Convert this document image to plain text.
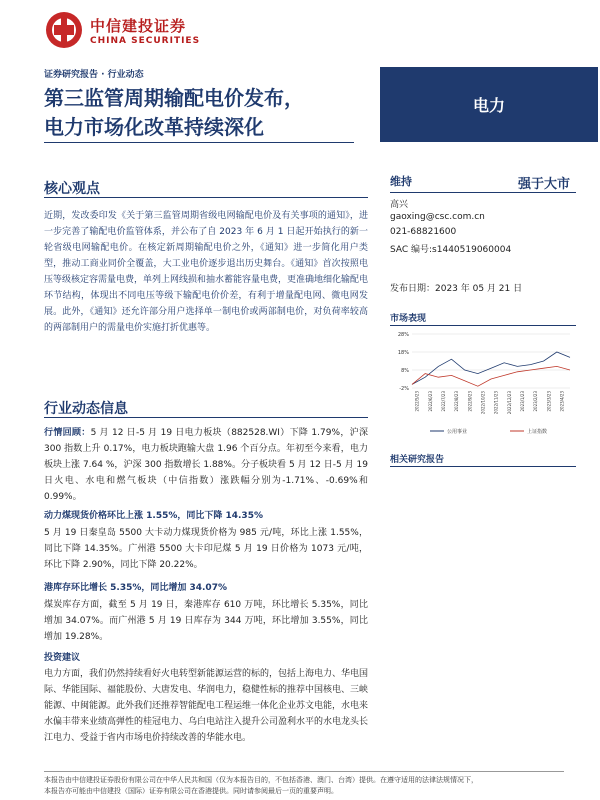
中信建投证券
CHINA SECURITIES
证券研究报告 · 行业动态
第三监管周期输配电价发布，
电力市场化改革持续深化
电力
核心观点
近期，发改委印发《关于第三监管周期省级电网输配电价及有关事项的通知》，进一步完善了输配电价监管体系，并公布了自 2023 年 6 月 1 日起开始执行的新一轮省级电网输配电价。在核定新周期输配电价之外，《通知》进一步简化用户类型，推动工商业同价全覆盖，大工业电价逐步退出历史舞台。《通知》首次按照电压等级核定容需量电费，单列上网线损和抽水蓄能容量电费，更准确地细化输配电环节结构，体现出不同电压等级下输配电价价差，有利于增量配电网、微电网发展。此外，《通知》还允许部分用户选择单一制电价或两部制电价，对负荷率较高的两部制用户的需量电价实施打折优惠等。
行业动态信息
行情回顾：5 月 12 日-5 月 19 日电力板块（882528.WI）下降 1.79%，沪深 300 指数上升 0.17%，电力板块跑输大盘 1.96 个百分点。年初至今来看，电力板块上涨 7.64 %，沪深 300 指数增长 1.88%。分子板块看 5 月 12 日-5 月 19 日火电、水电和燃气板块（中信指数）涨跌幅分别为-1.71%、-0.69%和 0.99%。
动力煤现货价格环比上涨 1.55%，同比下降 14.35%
5 月 19 日秦皇岛 5500 大卡动力煤现货价格为 985 元/吨，环比上涨 1.55%，同比下降 14.35%。广州港 5500 大卡印尼煤 5 月 19 日价格为 1073 元/吨，环比下降 2.90%，同比下降 20.22%。
港库存环比增长 5.35%，同比增加 34.07%
煤炭库存方面，截至 5 月 19 日，秦港库存 610 万吨，环比增长 5.35%，同比增加 34.07%。而广州港 5 月 19 日库存为 344 万吨，环比增加 3.55%，同比增加 19.28%。
投资建议
电力方面，我们仍然持续看好火电转型新能源运营的标的，包括上海电力、华电国际、华能国际、福能股份、大唐发电、华润电力，稳健性标的推荐中国核电、三峡能源、中闽能源。此外我们还推荐智能配电工程运维一体化企业苏文电能，水电来水偏丰带来业绩高弹性的桂冠电力、乌白电站注入提升公司盈利水平的水电龙头长江电力、受益于省内市场电价持续改善的华能水电。
维持	强于大市
高兴
gaoxing@csc.com.cn
021-68821600
SAC 编号:s1440519060004
发布日期：2023 年 05 月 21 日
市场表现
28%
18%
8%
-2%
2022/5/23 2022/6/23 2022/7/23 2022/8/23 2022/9/23 2022/10/23 2022/11/23 2022/12/23 2023/1/23 2023/2/23 2023/3/23 2023/4/23
公用事业	上证指数
相关研究报告
本报告由中信建投证券股份有限公司在中华人民共和国（仅为本报告目的，不包括香港、澳门、台湾）提供。在遵守适用的法律法规情况下，
本报告亦可能由中信建投（国际）证券有限公司在香港提供。同时请参阅最后一页的重要声明。
